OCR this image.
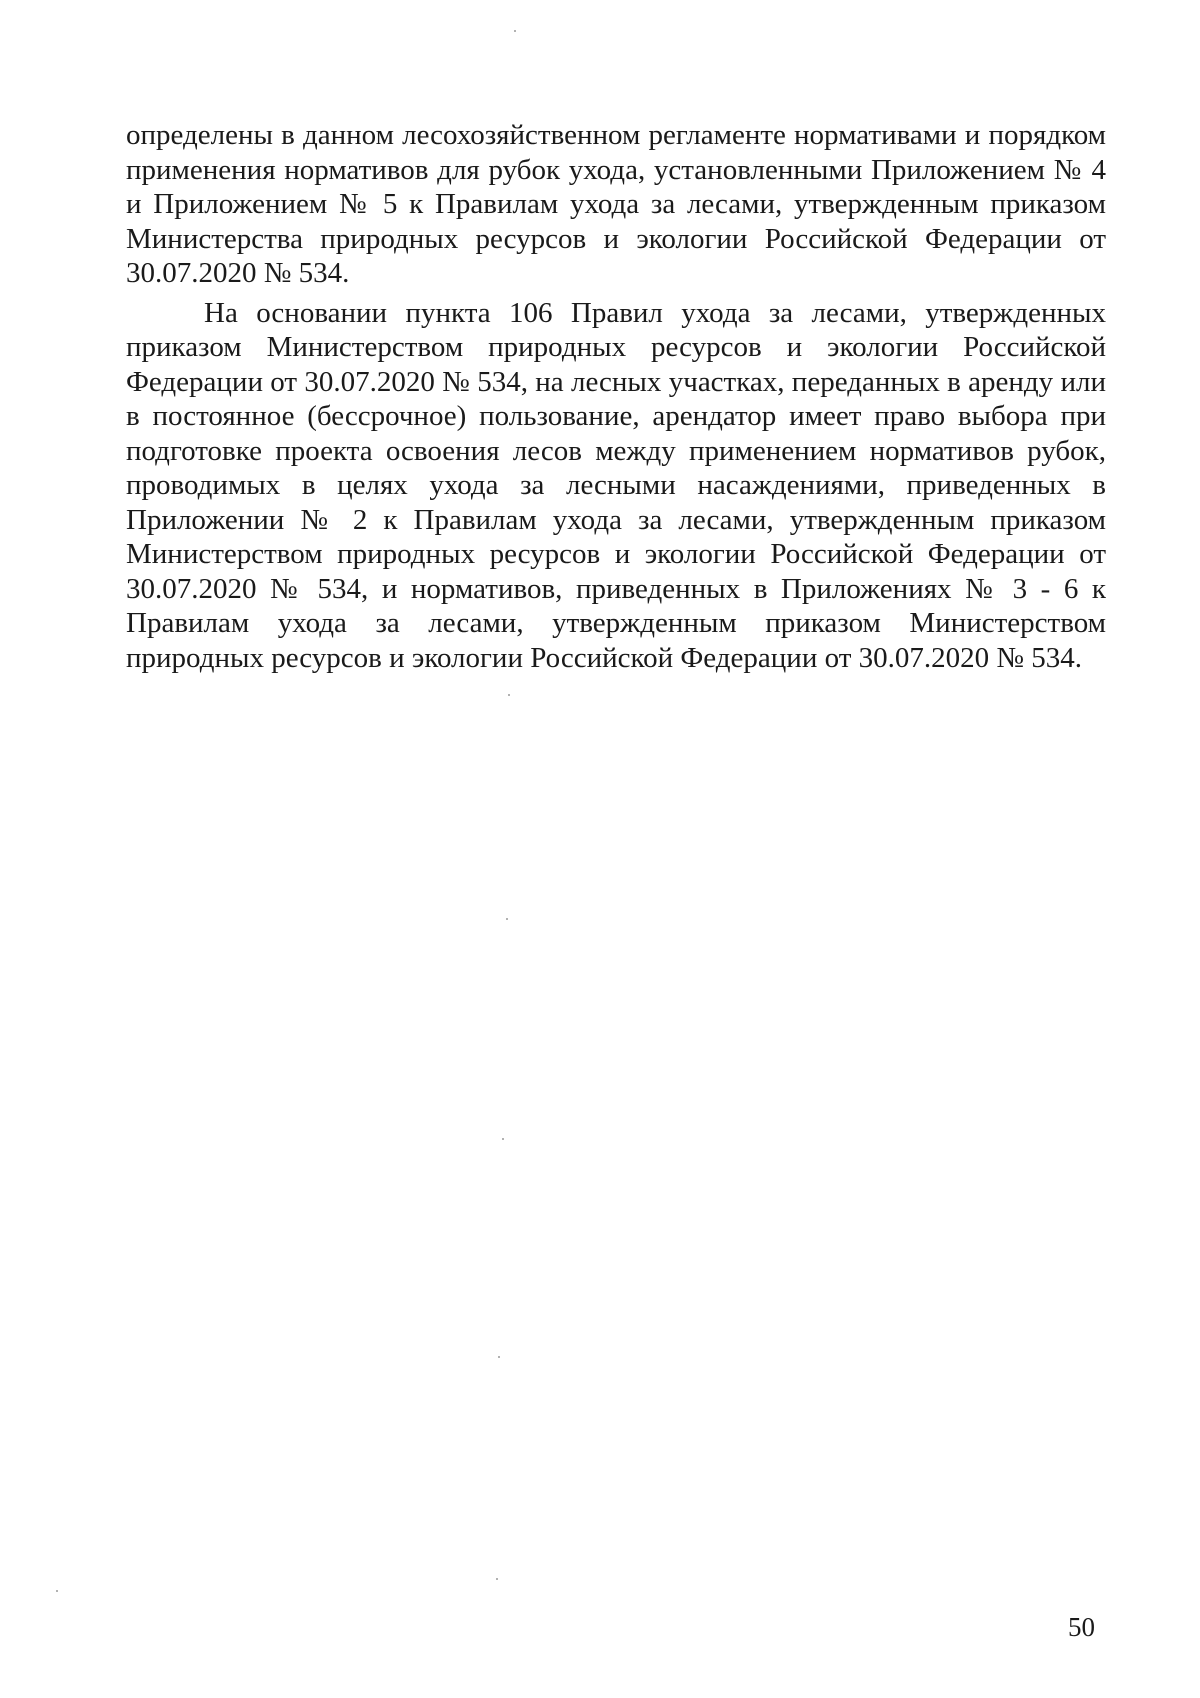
определены в данном лесохозяйственном регламенте нормативами и порядком применения нормативов для рубок ухода, установленными Приложением № 4 и Приложением № 5 к Правилам ухода за лесами, утвержденным приказом Министерства природных ресурсов и экологии Российской Федерации от 30.07.2020 № 534.

На основании пункта 106 Правил ухода за лесами, утвержденных приказом Министерством природных ресурсов и экологии Российской Федерации от 30.07.2020 № 534, на лесных участках, переданных в аренду или в постоянное (бессрочное) пользование, арендатор имеет право выбора при подготовке проекта освоения лесов между применением нормативов рубок, проводимых в целях ухода за лесными насаждениями, приведенных в Приложении № 2 к Правилам ухода за лесами, утвержденным приказом Министерством природных ресурсов и экологии Российской Федерации от 30.07.2020 № 534, и нормативов, приведенных в Приложениях № 3 - 6 к Правилам ухода за лесами, утвержденным приказом Министерством природных ресурсов и экологии Российской Федерации от 30.07.2020 № 534.

50
